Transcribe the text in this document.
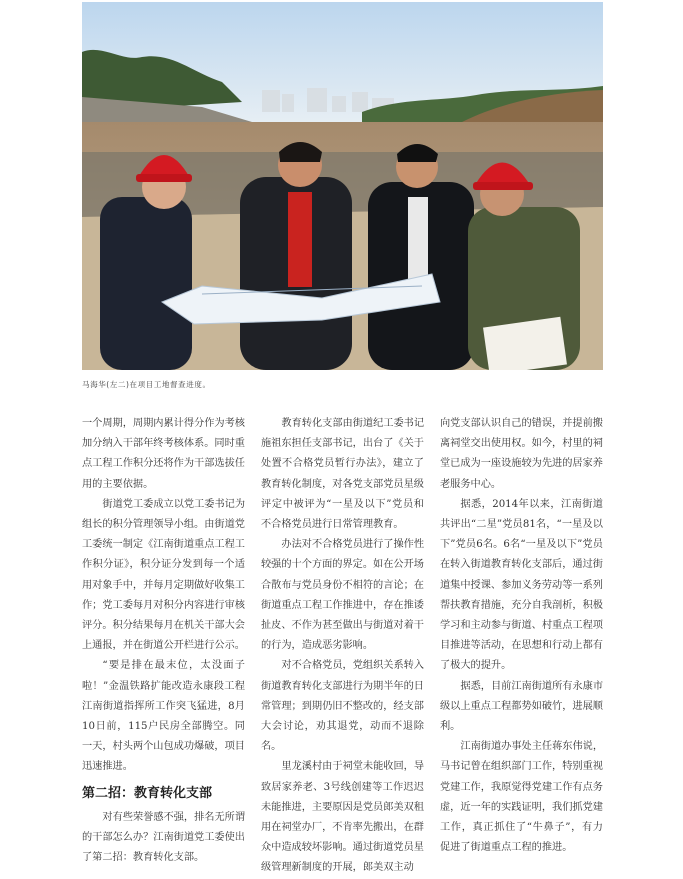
马海华(左二)在项目工地督查进度。

一个周期，周期内累计得分作为考核加分纳入干部年终考核体系。同时重点工程工作积分还将作为干部选拔任用的主要依据。

街道党工委成立以党工委书记为组长的积分管理领导小组。由街道党工委统一制定《江南街道重点工程工作积分证》，积分证分发到每一个适用对象手中，并每月定期做好收集工作；党工委每月对积分内容进行审核评分。积分结果每月在机关干部大会上通报，并在街道公开栏进行公示。

“要是排在最末位，太没面子啦！”金温铁路扩能改造永康段工程江南街道指挥所工作突飞猛进，8月10日前，115户民房全部腾空。同一天，村头两个山包成功爆破，项目迅速推进。

第二招：教育转化支部

对有些荣誉感不强，排名无所谓的干部怎么办？江南街道党工委使出了第二招：教育转化支部。

教育转化支部由街道纪工委书记施祖东担任支部书记，出台了《关于处置不合格党员暂行办法》，建立了教育转化制度，对各党支部党员星级评定中被评为“一星及以下”党员和不合格党员进行日常管理教育。

办法对不合格党员进行了操作性较强的十个方面的界定。如在公开场合散布与党员身份不相符的言论；在街道重点工程工作推进中，存在推诿扯皮、不作为甚至做出与街道对着干的行为，造成恶劣影响。

对不合格党员，党组织关系转入街道教育转化支部进行为期半年的日常管理；到期仍旧不整改的，经支部大会讨论，劝其退党，动而不退除名。

里龙溪村由于祠堂未能收回，导致居家养老、3号线创建等工作迟迟未能推进，主要原因是党员郎美双租用在祠堂办厂，不肯率先搬出，在群众中造成较坏影响。通过街道党员星级管理新制度的开展，郎美双主动

向党支部认识自己的错误，并提前搬离祠堂交出使用权。如今，村里的祠堂已成为一座设施较为先进的居家养老服务中心。

据悉，2014年以来，江南街道共评出“二星”党员81名，“一星及以下”党员6名。6名“一星及以下”党员在转入街道教育转化支部后，通过街道集中授课、参加义务劳动等一系列帮扶教育措施，充分自我剖析，积极学习和主动参与街道、村重点工程项目推进等活动，在思想和行动上都有了极大的提升。

据悉，目前江南街道所有永康市级以上重点工程都势如破竹，进展顺利。

江南街道办事处主任蒋东伟说，马书记曾在组织部门工作，特别重视党建工作，我原觉得党建工作有点务虚，近一年的实践证明，我们抓党建工作，真正抓住了“牛鼻子”，有力促进了街道重点工程的推进。
